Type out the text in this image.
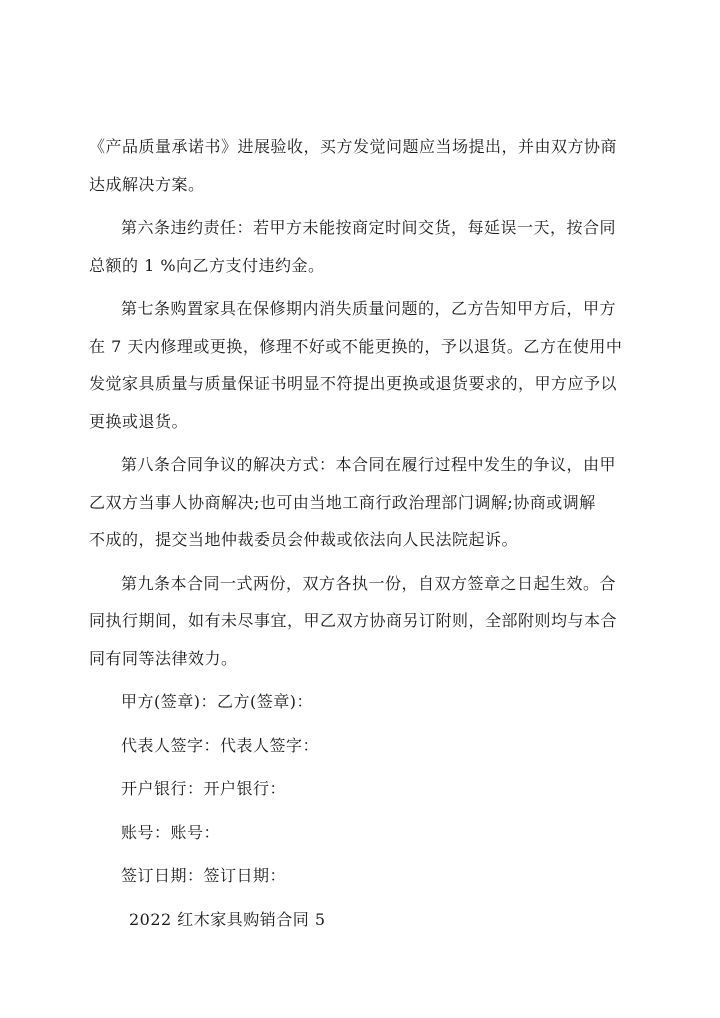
《产品质量承诺书》进展验收，买方发觉问题应当场提出，并由双方协商
达成解决方案。

第六条违约责任：若甲方未能按商定时间交货，每延误一天，按合同
总额的 1 %向乙方支付违约金。

第七条购置家具在保修期内消失质量问题的，乙方告知甲方后，甲方
在 7 天内修理或更换，修理不好或不能更换的，予以退货。乙方在使用中
发觉家具质量与质量保证书明显不符提出更换或退货要求的，甲方应予以
更换或退货。

第八条合同争议的解决方式：本合同在履行过程中发生的争议，由甲
乙双方当事人协商解决;也可由当地工商行政治理部门调解;协商或调解
不成的，提交当地仲裁委员会仲裁或依法向人民法院起诉。

第九条本合同一式两份，双方各执一份，自双方签章之日起生效。合
同执行期间，如有未尽事宜，甲乙双方协商另订附则，全部附则均与本合
同有同等法律效力。

甲方(签章)：乙方(签章)：

代表人签字：代表人签字：

开户银行：开户银行：

账号：账号：

签订日期：签订日期：

2022 红木家具购销合同 5
